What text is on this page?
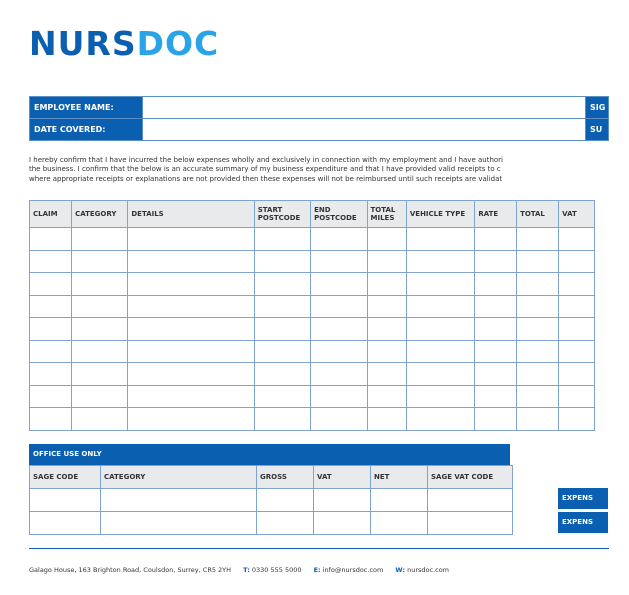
NURSDOC
EMPLOYEE NAME:		SIG
DATE COVERED:		SU
I hereby confirm that I have incurred the below expenses wholly and exclusively in connection with my employment and I have authori
the business. I confirm that the below is an accurate summary of my business expenditure and that I have provided valid receipts to c
where appropriate receipts or explanations are not provided then these expenses will not be reimbursed until such receipts are validat
CLAIM	CATEGORY	DETAILS	START POSTCODE	END POSTCODE	TOTAL MILES	VEHICLE TYPE	RATE	TOTAL	VAT

OFFICE USE ONLY
SAGE CODE	CATEGORY	GROSS	VAT	NET	SAGE VAT CODE

EXPENS
EXPENS
Galago House, 163 Brighton Road, Coulsdon, Surrey, CR5 2YH T: 0330 555 5000 E: info@nursdoc.com W: nursdoc.com
